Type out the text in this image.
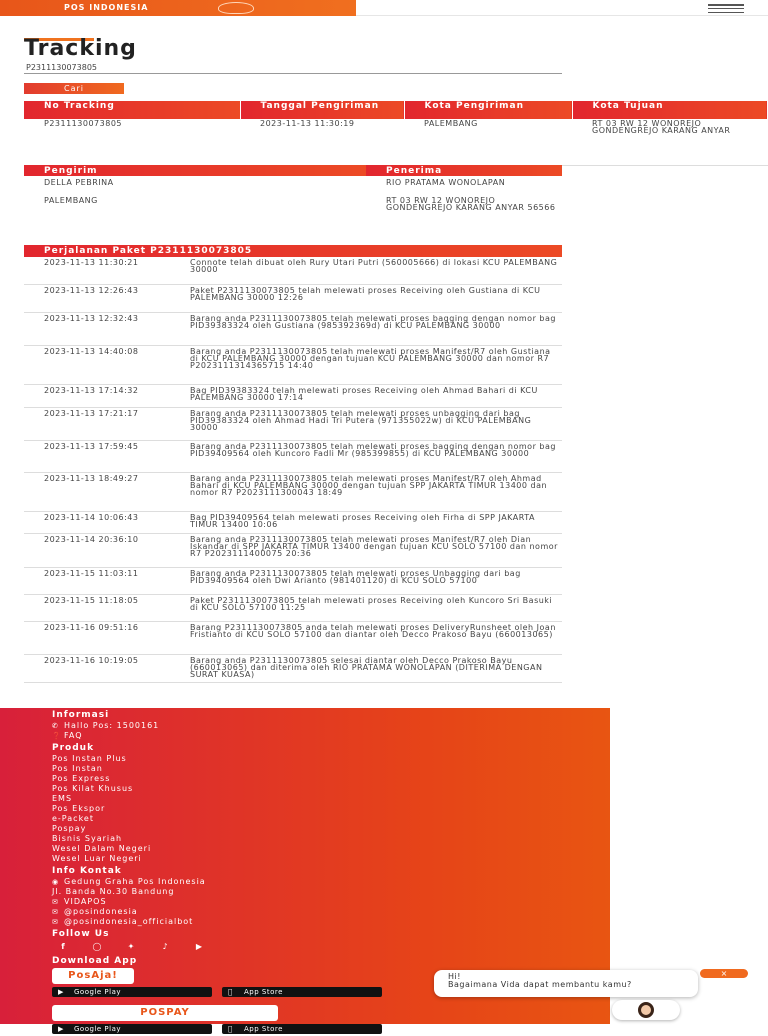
POS INDONESIA
Tracking
P2311130073805
Cari
No Tracking	Tanggal Pengiriman	Kota Pengiriman	Kota Tujuan
P2311130073805	2023-11-13 11:30:19	PALEMBANG	RT 03 RW 12 WONOREJO GONDENGREJO KARANG ANYAR
Pengirim	Penerima
DELLA PEBRINA	RIO PRATAMA WONOLAPAN
PALEMBANG	RT 03 RW 12 WONOREJO GONDENGREJO KARANG ANYAR 56566
Perjalanan Paket P2311130073805	
2023-11-13 11:30:21	Connote telah dibuat oleh Rury Utari Putri (560005666) di lokasi KCU PALEMBANG 30000
2023-11-13 12:26:43	Paket P2311130073805 telah melewati proses Receiving oleh Gustiana di KCU PALEMBANG 30000 12:26
2023-11-13 12:32:43	Barang anda P2311130073805 telah melewati proses bagging dengan nomor bag PID39383324 oleh Gustiana (985392369d) di KCU PALEMBANG 30000
2023-11-13 14:40:08	Barang anda P2311130073805 telah melewati proses Manifest/R7 oleh Gustiana di KCU PALEMBANG 30000 dengan tujuan KCU PALEMBANG 30000 dan nomor R7 P2023111314365715 14:40
2023-11-13 17:14:32	Bag PID39383324 telah melewati proses Receiving oleh Ahmad Bahari di KCU PALEMBANG 30000 17:14
2023-11-13 17:21:17	Barang anda P2311130073805 telah melewati proses unbagging dari bag PID39383324 oleh Ahmad Hadi Tri Putera (971355022w) di KCU PALEMBANG 30000
2023-11-13 17:59:45	Barang anda P2311130073805 telah melewati proses bagging dengan nomor bag PID39409564 oleh Kuncoro Fadli Mr (985399855) di KCU PALEMBANG 30000
2023-11-13 18:49:27	Barang anda P2311130073805 telah melewati proses Manifest/R7 oleh Ahmad Bahari di KCU PALEMBANG 30000 dengan tujuan SPP JAKARTA TIMUR 13400 dan nomor R7 P2023111300043 18:49
2023-11-14 10:06:43	Bag PID39409564 telah melewati proses Receiving oleh Firha di SPP JAKARTA TIMUR 13400 10:06
2023-11-14 20:36:10	Barang anda P2311130073805 telah melewati proses Manifest/R7 oleh Dian Iskandar di SPP JAKARTA TIMUR 13400 dengan tujuan KCU SOLO 57100 dan nomor R7 P2023111400075 20:36
2023-11-15 11:03:11	Barang anda P2311130073805 telah melewati proses Unbagging dari bag PID39409564 oleh Dwi Arianto (981401120) di KCU SOLO 57100
2023-11-15 11:18:05	Paket P2311130073805 telah melewati proses Receiving oleh Kuncoro Sri Basuki di KCU SOLO 57100 11:25
2023-11-16 09:51:16	Barang P2311130073805 anda telah melewati proses DeliveryRunsheet oleh Joan Fristianto di KCU SOLO 57100 dan diantar oleh Decco Prakoso Bayu (660013065)
2023-11-16 10:19:05	Barang anda P2311130073805 selesai diantar oleh Decco Prakoso Bayu (660013065) dan diterima oleh RIO PRATAMA WONOLAPAN (DITERIMA DENGAN SURAT KUASA)
Informasi
✆ Hallo Pos: 1500161
❓ FAQ
Produk
Pos Instan Plus
Pos Instan
Pos Express
Pos Kilat Khusus
EMS
Pos Ekspor
e-Packet
Pospay
Bisnis Syariah
Wesel Dalam Negeri
Wesel Luar Negeri
Info Kontak
◉ Gedung Graha Pos Indonesia
Jl. Banda No.30 Bandung
✉ VIDAPOS
✉ @posindonesia
✉ @posindonesia_officialbot
Follow Us
f	◯	✦	♪	▶
Download App
PosAja!
▶ Google Play	App Store
POSPAY
▶ Google Play	App Store
Hi!
Bagaimana Vida dapat membantu kamu?
×
